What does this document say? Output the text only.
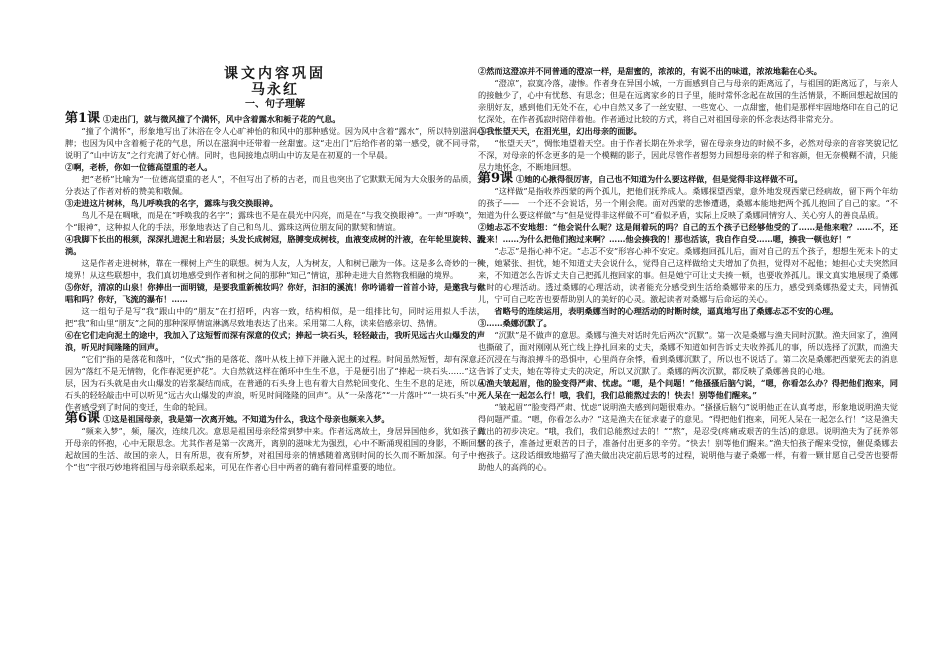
课文内容巩固
马永红
一、句子理解

第1课 ①走出门，就与微风撞了个满怀，风中含着露水和栀子花的气息。

“撞了个满怀”，形象地写出了沐浴在令人心旷神怡的和风中的那种感觉。因为风中含着“露水”，所以特别滋润心脾；也因为风中含着栀子花的气息，所以在滋润中还带着一丝甜蜜。这“走出门”后给作者的第一感受，就不同寻常，说明了“山中访友”之行充满了好心情。同时，也间接地点明山中访友是在初夏的一个早晨。

②啊，老桥，你如一位德高望重的老人。

把“老桥”比喻为“一位德高望重的老人”，不但写出了桥的古老，而且也突出了它默默无闻为大众服务的品质，充分表达了作者对桥的赞美和敬佩。

③走进这片树林，鸟儿呼唤我的名字，露珠与我交换眼神。

鸟儿不是在啁啾，而是在“呼唤我的名字”；露珠也不是在晨光中闪亮，而是在“与我交换眼神”。一声“呼唤”，一个“眼神”，这种拟人化的手法，形象地表达了自己和鸟儿、露珠这两位朋友间的默契和情谊。

④我脚下长出的根须，深深扎进泥土和岩层；头发长成树冠，胳膊变成树枝，血液变成树的汁液，在年轮里旋转、流淌。

这是作者走进树林，靠在一棵树上产生的联想。树为人友，人为树友，人和树已融为一体。这是多么奇妙的一种境界！从这些联想中，我们真切地感受到作者和树之间的那种“知己”情谊，那种走进大自然物我相融的境界。

⑤你好，清凉的山泉！你捧出一面明镜，是要我重新梳妆吗？你好，汩汩的溪流！你吟诵着一首首小诗，是邀我与你唱和吗？你好，飞流的瀑布！……

这一组句子是写“我”跟山中的“朋友”在打招呼，内容一致，结构相似，是一组排比句，同时运用拟人手法，把“我”和山里“朋友”之间的那种深厚情谊淋漓尽致地表达了出来。采用第二人称，读来倍感亲切、热情。

⑥在它们走向泥土的途中，我加入了这短暂而深有深意的仪式；捧起一块石头，轻轻敲击，我听见远古火山爆发的声浪，听见时间隆隆的回声。

“它们”指的是落花和落叶，“仪式”指的是落花、落叶从枝上掉下并融入泥土的过程。时间虽然短暂，却有深意。因为“落红不是无情物，化作春泥更护花”。大自然就这样在循环中生生不息，于是便引出了“捧起一块石头……”这一层，因为石头就是由火山爆发的岩浆凝结而成，在普通的石头身上也有着大自然轮回变化、生生不息的足迹，所以从石头的轻轻敲击中可以听见“远古火山爆发的声浪，听见时间隆隆的回声”。从“一朵落花”“一片落叶”“一块石头”中，作者感受到了时间的变迁，生命的轮回。

第6课 ①这是祖国母亲，我是第一次离开她。不知道为什么，我这个母亲也频来入梦。

“频来入梦”，频，屡次，连续几次。意思是祖国母亲经常到梦中来。作者远离故土，身居异国他乡，犹如孩子离开母亲的怀抱，心中无限思念。尤其作者是第一次离开，离别的滋味尤为强烈，心中不断涌现祖国的身影，不断回想起故国的生活、故国的亲人，日有所思，夜有所梦，对祖国母亲的情感随着离别时间的长久而不断加深。句子中一个“也”字很巧妙地将祖国与母亲联系起来，可见在作者心目中两者的确有着同样重要的地位。

②然而这澄凉并不同普通的澄凉一样，是甜蜜的，浓浓的，有说不出的味道，浓浓地黏在心头。

“澄凉”，寂寞冷落，凄惨。作者身在异国小城，一方面感到自己与母亲的距离远了，与祖国的距离远了，与亲人的接触少了，心中有忧愁、有思念；但是在远离家乡的日子里，能时常怀念起在故国的生活情景，不断回想起故国的亲朋好友，感到他们无处不在，心中自然又多了一丝安慰、一些宽心、一点甜蜜，他们是那样牢固地烙印在自己的记忆深处，在作者孤寂时陪伴着他。作者通过比较的方式，将自己对祖国母亲的怀念表达得非常充分。

③我怅望天天，在泪光里，幻出母亲的面影。

“怅望天天”，惆怅地望着天空。由于作者长期在外求学，留在母亲身边的时候不多，必然对母亲的音容笑貌记忆不深，对母亲的怀念更多的是一个模糊的影子，因此尽管作者想努力回想母亲的样子和容颜，但无奈模糊不清，只能尽力地怀念，不断地回想。

第9课 ①她的心揪得很厉害，自己也不知道为什么要这样做，但是觉得非这样做不可。

“这样做”是指收养西蒙的两个孤儿，把他们抚养成人。桑娜探望西蒙，意外地发现西蒙已经病故，留下两个年幼的孩子——　一个还不会说话，另一个刚会爬。面对西蒙的悲惨遭遇，桑娜本能地把两个孤儿抱回了自己的家。“不知道为什么要这样做”与“但是觉得非这样做不可”看似矛盾，实际上反映了桑娜同情穷人、关心穷人的善良品质。

②她忐忑不安地想：“他会说什么呢？这是闹着玩的吗？自己的五个孩子已经够他受的了……是他来啦？……不，还没来！……为什么把他们抱过来啊？……他会揍我的！那也活该，我自作自受……嗯，揍我一顿也好！”

“忐忑”是指心神不定。“忐忑不安”形容心神不安定。桑娜抱回孤儿后，面对自己的五个孩子，想想生死未卜的丈夫，她紧张、担忧，她不知道丈夫会说什么，觉得自己这样做给丈夫增加了负担，觉得对不起他；她担心丈夫突然回来，不知道怎么告诉丈夫自己把孤儿抱回家的事。但是她宁可让丈夫揍一顿，也要收养孤儿。课文真实地展现了桑娜此时的心理活动。透过桑娜的心理活动，读者能充分感受到生活给桑娜带来的压力，感受到桑娜热爱丈夫，同情孤儿，宁可自己吃苦也要帮助别人的美好的心灵。激起读者对桑娜与后命运的关心。

省略号的连续运用，表明桑娜当时的心理活动的时断时续，逼真地写出了桑娜忐忑不安的心理。

③……桑娜沉默了。

“沉默”是不做声的意思。桑娜与渔夫对话时先后两次“沉默”。第一次是桑娜与渔夫同时沉默。渔夫回家了，渔网也撕破了，面对刚刚从死亡线上挣扎回来的丈夫，桑娜不知道如何告诉丈夫收养孤儿的事，所以选择了沉默，而渔夫还沉浸在与海浪搏斗的恐惧中，心里尚存余悸，看到桑娜沉默了，所以也不说话了。第二次是桑娜把西蒙死去的消息告诉了丈夫，她在等待丈夫的决定，所以又沉默了。桑娜的两次沉默，都反映了桑娜善良的心地。

④渔夫皱起眉，他的脸变得严肃、忧虑。“嗯，是个问题！”他搔搔后脑勺说，“嗯，你看怎么办？得把他们抱来，同死人呆在一起怎么行！哦，我们，我们总能熬过去的！快去！别等他们醒来。”

“皱起眉”“脸变得严肃、忧虑”说明渔夫感到问题很难办。“搔搔后脑勺”说明他正在认真考虑，形象地说明渔夫觉得问题严重。“嗯，你看怎么办？”这是渔夫在征求妻子的意见。“得把他们抱来，同死人呆在一起怎么行！”这是渔夫做出的初步决定。“哦，我们，我们总能熬过去的！”“熬”，是忍受(疼痛或艰苦的生活)的意思。说明渔夫为了抚养邻居的孩子，准备过更艰苦的日子，准备付出更多的辛劳。“快去！别等他们醒来。”渔夫怕孩子醒来受惊，催促桑娜去抱孩子。这段话细致地描写了渔夫做出决定前后思考的过程，说明他与妻子桑娜一样，有着一颗甘愿自己受苦也要帮助他人的高尚的心。
